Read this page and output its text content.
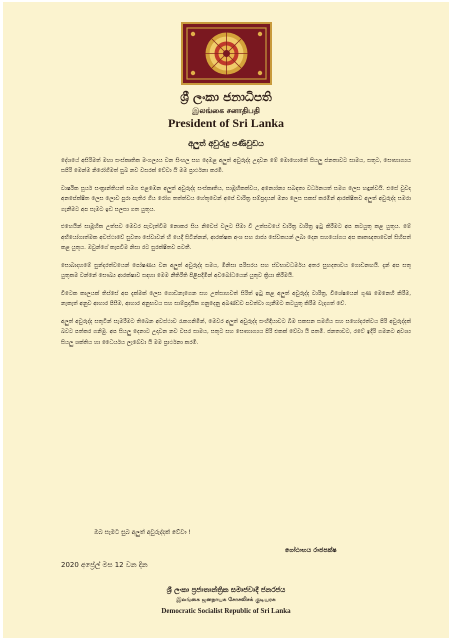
ශ්‍රී ලංකා ජනාධිපති
இலங்கை சனாதிபதி
President of Sri Lanka
අලුත් අවුරුදු පණිවුඩය

දේශයේ අසිරිමත් මහා සංස්කෘතික මංගල්‍යය වන සිංහල සහ දෙමළ අලුත් අවුරුද්ද උදාවන මේ මොහොතේ සියලු ජනතාවට සාමය, සතුට, සෞභාග්‍යය සපිරි මෙන්ම නිරෝගිමත් සුබ නව වසරක් වේවා යි මම ප්‍රාර්ථනා කරමි.

වාර්ෂික සූර්ය සංක්‍රාන්තියත් සමග එළඹෙන අලුත් අවුරුද්ද සංස්කෘතිය, සාමූහිකත්වය, අන්‍යෝන්‍ය සබඳතා වර්ධනයත් සමග ලෙස හඳුන්වයි. එසේ වුවද අනපේක්ෂිත ලෙස ලොව පුරා පැතිර ගිය රෝග තත්ත්වය හේතුවෙන් අපේ චාරිත්‍ර සම්ප්‍රදායන් මනා ලෙස සකස් කරමින් ආරක්ෂිතව අලුත් අවුරුද්ද සමරා ගැනීමට අප සැමට ඉඩ සලසා ගත යුතුය.

එහෙයින් සාමූහික උත්සව මෙවර පැවැත්වීම නොකර සිය නිවෙස් වලට සීමා වී උත්සවයේ චාරිත්‍ර වාරිත්‍ර ඉටු කිරීමට අප කටයුතු කළ යුතුය. මේ අභියෝගාත්මක අවස්ථාවේ සුවතා සේවාවන් හි යෙදී සිටින්නන්, ආරක්ෂක අංශ සහ රාජ්‍ය සේවකයන් ලබා දෙන සහයෝගය අප කෘතඥතාවෙන් සිහිපත් කළ යුතුය. ඔවුන්ගේ කැපවීම නිසා රට සුරක්ෂිතව පවතී.

සොබාදහමේ සුන්දරත්වයෙන් පෝෂණය වන අලුත් අවුරුද්ද සමය, මිනිසා පරිසරය සහ ස්වභාවධර්මය අතර සුහදතාවය ගොඩනඟයි. දැන් අප සතු යුතුකම වන්නේ සෞඛ්‍ය ආරක්ෂාව සඳහා මෙම නීතිරීති පිළිපදිමින් අවබෝධයෙන් යුතුව ක්‍රියා කිරීමයි.

විටෙක කාලයක් තිස්සේ අප දැක්මක් ලෙස ගොඩනැගෙන සහ උත්සාහවත් සිරිත් ඉටු කළ අලුත් අවුරුද්ද වාරිත්‍ර, විශේෂයෙන් ගුණ මෙනෙහි කිරීම, නැකැත් අනුව ආහාර පිසීම, ආහාර අනුභවය සහ සාම්ප්‍රදායික ගනුදෙනු අඛණ්ඩව පවත්වා ගැනීමට කටයුතු කිරීම වැදගත් වේ.

අලුත් අවුරුද්ද සතුටින් සැමරීමට තිබෙන අවස්ථාව රැකගනිමින්, මෙවර අලුත් අවුරුද්ද සංහිඳියාවට බිම සකසන සමගිය සහ සහෝදරත්වය පිරි අවුරුද්දක් බවට පත්කර ගනිමු. අප සියලු දෙනාට උදාවන නව වසර සාමය, සතුට සහ සෞභාග්‍යය පිරි එකක් වේවා යි පතමි. ජනතාවට, රටේ ඉදිරි ගමනට අවශ්‍ය සියලු ශක්තිය හා ධෛර්යය ලැබේවා යි මම ප්‍රාර්ථනා කරමි.

ඔබ සැමට සුබ අලුත් අවුරුද්දක් වේවා !
ගෝඨාභය රාජපක්ෂ
2020 අප්‍රේල් මස 12 වන දින
ශ්‍රී ලංකා ප්‍රජාතාන්ත්‍රික සමාජවාදී ජනරජය
இலங்கை ஜனநாயக சோசலிசக் குடியரசு
Democratic Socialist Republic of Sri Lanka
